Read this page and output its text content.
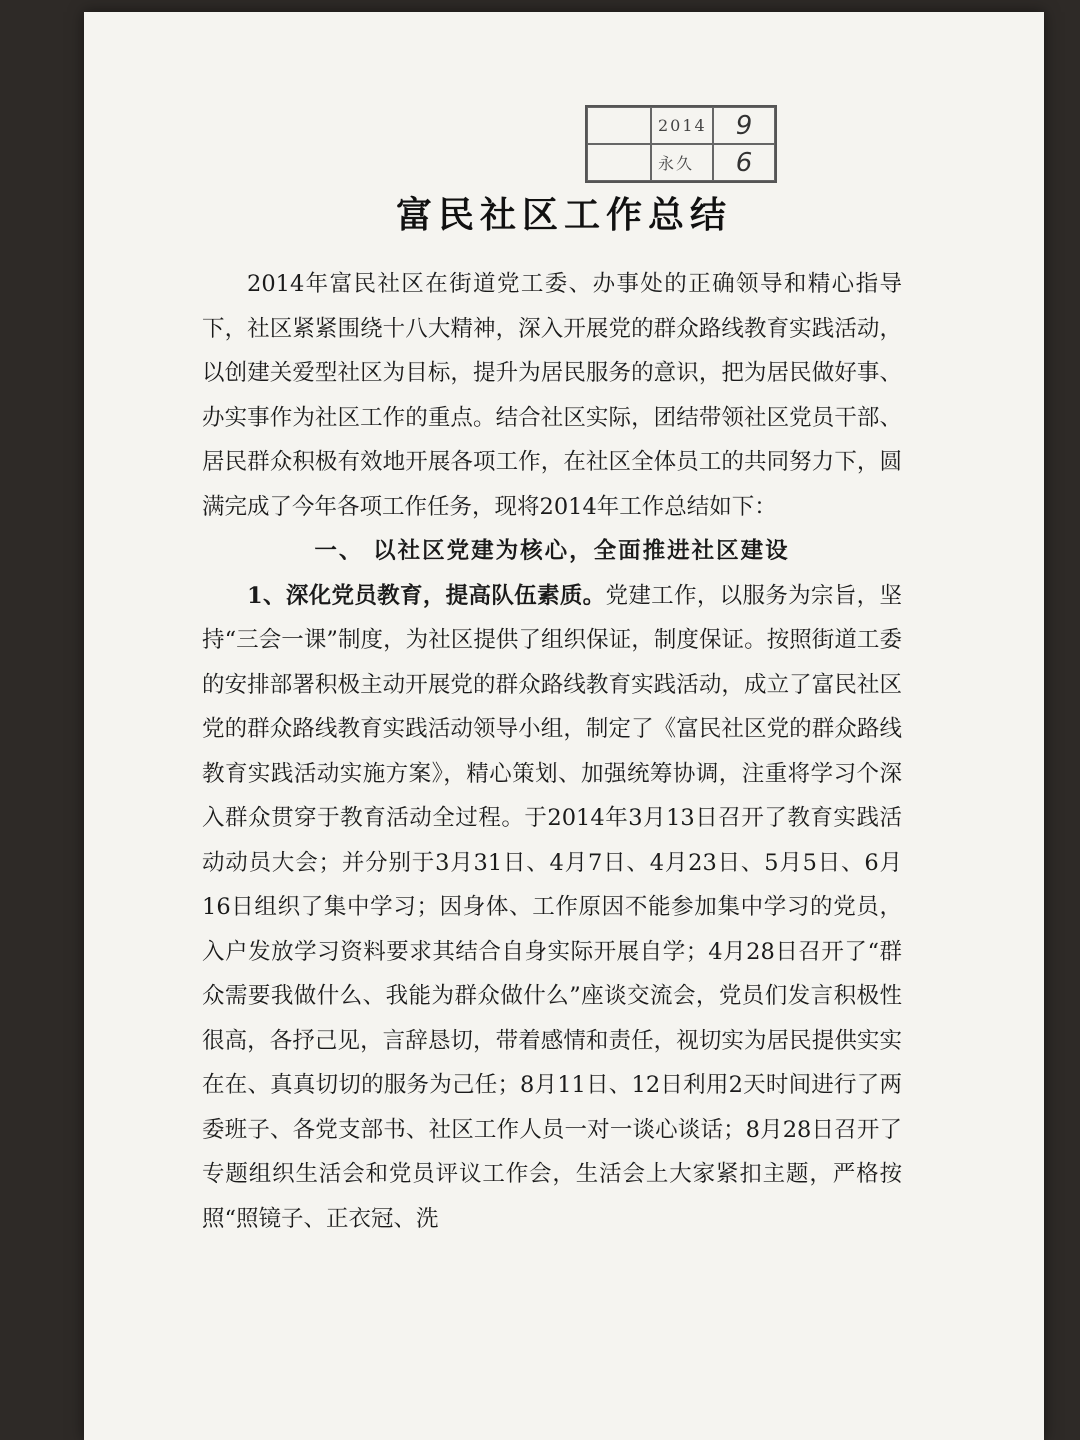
2014	9
永久	6
富民社区工作总结

2014年富民社区在街道党工委、办事处的正确领导和精心指导下，社区紧紧围绕十八大精神，深入开展党的群众路线教育实践活动，以创建关爱型社区为目标，提升为居民服务的意识，把为居民做好事、办实事作为社区工作的重点。结合社区实际，团结带领社区党员干部、居民群众积极有效地开展各项工作，在社区全体员工的共同努力下，圆满完成了今年各项工作任务，现将2014年工作总结如下：

一、 以社区党建为核心，全面推进社区建设

1、深化党员教育，提高队伍素质。党建工作，以服务为宗旨，坚持“三会一课”制度，为社区提供了组织保证，制度保证。按照街道工委的安排部署积极主动开展党的群众路线教育实践活动，成立了富民社区党的群众路线教育实践活动领导小组，制定了《富民社区党的群众路线教育实践活动实施方案》，精心策划、加强统筹协调，注重将学习个深入群众贯穿于教育活动全过程。于2014年3月13日召开了教育实践活动动员大会；并分别于3月31日、4月7日、4月23日、5月5日、6月16日组织了集中学习；因身体、工作原因不能参加集中学习的党员，入户发放学习资料要求其结合自身实际开展自学；4月28日召开了“群众需要我做什么、我能为群众做什么”座谈交流会，党员们发言积极性很高，各抒己见，言辞恳切，带着感情和责任，视切实为居民提供实实在在、真真切切的服务为己任；8月11日、12日利用2天时间进行了两委班子、各党支部书、社区工作人员一对一谈心谈话；8月28日召开了专题组织生活会和党员评议工作会，生活会上大家紧扣主题，严格按照“照镜子、正衣冠、洗
